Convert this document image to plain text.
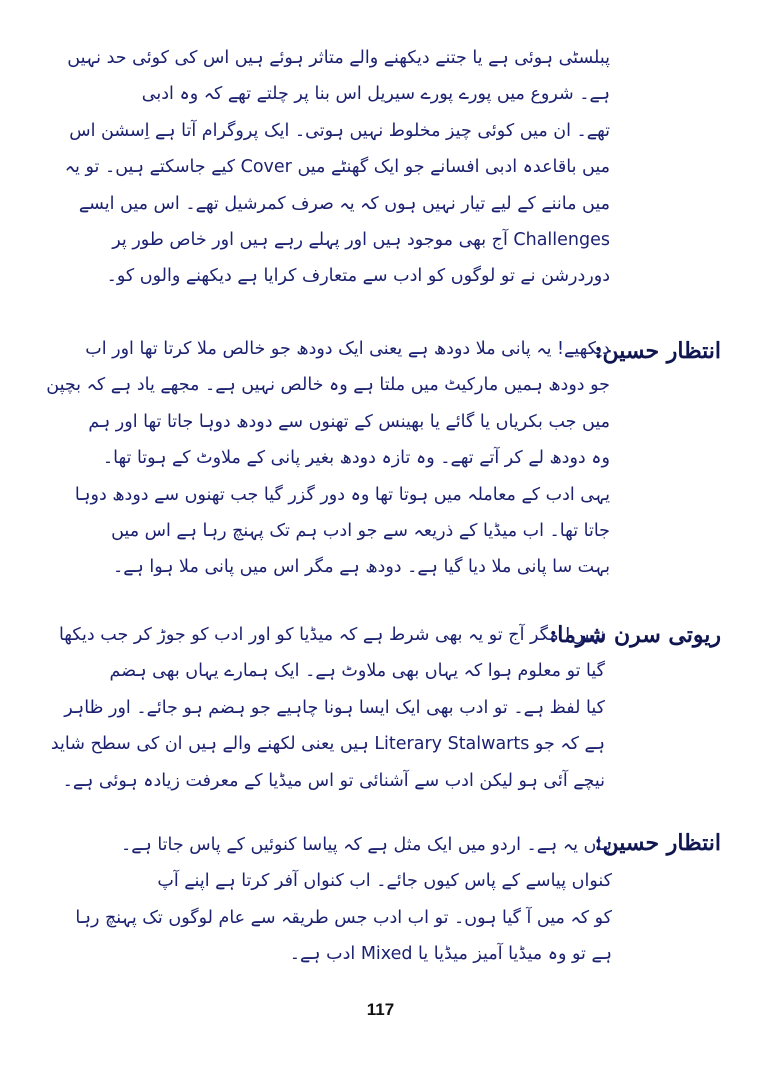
پبلسٹی ہوئی ہے یا جتنے دیکھنے والے متاثر ہوئے ہیں اس کی کوئی حد نہیں
ہے۔ شروع میں پورے پورے سیریل اس بنا پر چلتے تھے کہ وہ ادبی
تھے۔ ان میں کوئی چیز مخلوط نہیں ہوتی۔ ایک پروگرام آتا ہے اِسشن اس
میں باقاعدہ ادبی افسانے جو ایک گھنٹے میں Cover کیے جاسکتے ہیں۔ تو یہ
میں ماننے کے لیے تیار نہیں ہوں کہ یہ صرف کمرشیل تھے۔ اس میں ایسے
Challenges آج بھی موجود ہیں اور پہلے رہے ہیں اور خاص طور پر
دوردرشن نے تو لوگوں کو ادب سے متعارف کرایا ہے دیکھنے والوں کو۔
انتظار حسین:
دیکھیے! یہ پانی ملا دودھ ہے یعنی ایک دودھ جو خالص ملا کرتا تھا اور اب
جو دودھ ہمیں مارکیٹ میں ملتا ہے وہ خالص نہیں ہے۔ مجھے یاد ہے کہ بچپن
میں جب بکریاں یا گائے یا بھینس کے تھنوں سے دودھ دوہا جاتا تھا اور ہم
وہ دودھ لے کر آتے تھے۔ وہ تازہ دودھ بغیر پانی کے ملاوٹ کے ہوتا تھا۔
یہی ادب کے معاملہ میں ہوتا تھا وہ دور گزر گیا جب تھنوں سے دودھ دوہا
جاتا تھا۔ اب میڈیا کے ذریعہ سے جو ادب ہم تک پہنچ رہا ہے اس میں
بہت سا پانی ملا دیا گیا ہے۔ دودھ ہے مگر اس میں پانی ملا ہوا ہے۔
ریوتی سرن شرما:
نہیں! مگر آج تو یہ بھی شرط ہے کہ میڈیا کو اور ادب کو جوڑ کر جب دیکھا
گیا تو معلوم ہوا کہ یہاں بھی ملاوٹ ہے۔ ایک ہمارے یہاں بھی ہضم
کیا لفظ ہے۔ تو ادب بھی ایک ایسا ہونا چاہیے جو ہضم ہو جائے۔ اور ظاہر
ہے کہ جو Literary Stalwarts ہیں یعنی لکھنے والے ہیں ان کی سطح شاید
نیچے آئی ہو لیکن ادب سے آشنائی تو اس میڈیا کے معرفت زیادہ ہوئی ہے۔
انتظار حسین:
ہاں یہ ہے۔ اردو میں ایک مثل ہے کہ پیاسا کنوئیں کے پاس جاتا ہے۔
کنواں پیاسے کے پاس کیوں جائے۔ اب کنواں آفر کرتا ہے اپنے آپ
کو کہ میں آ گیا ہوں۔ تو اب ادب جس طریقہ سے عام لوگوں تک پہنچ رہا
ہے تو وہ میڈیا آمیز میڈیا یا Mixed ادب ہے۔
117
